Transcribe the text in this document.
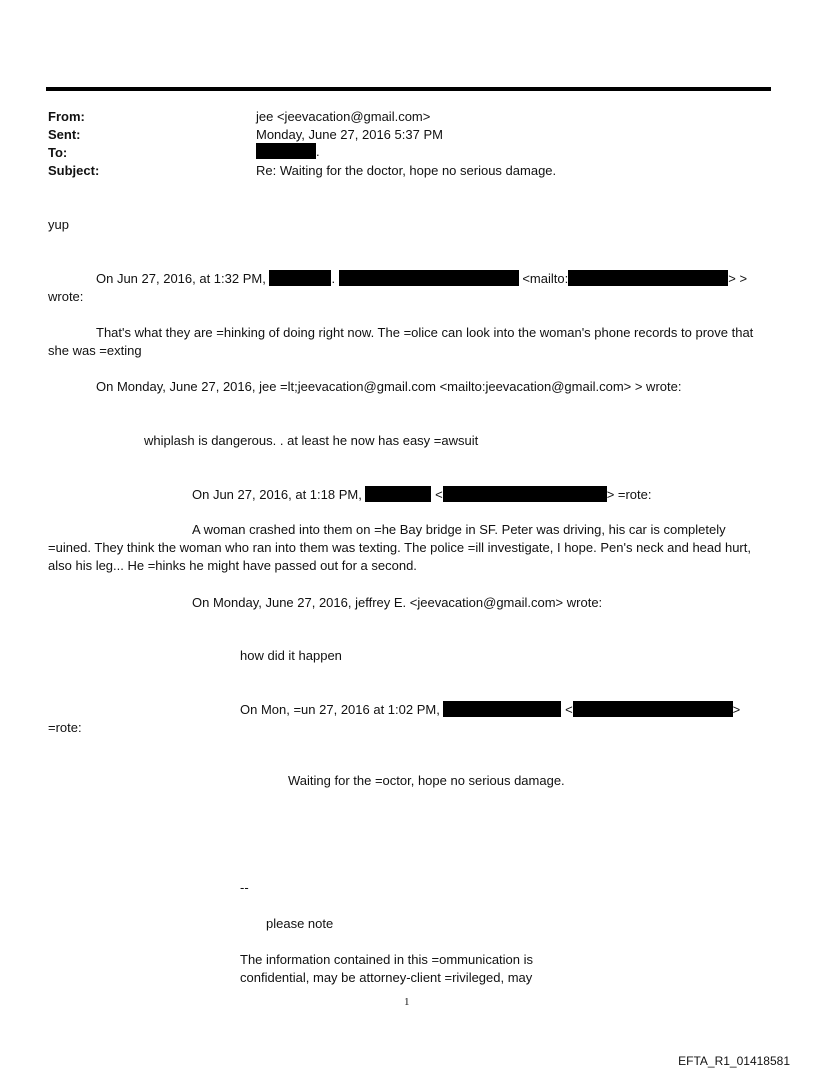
From:	jee <jeevacation@gmail.com>
Sent:	Monday, June 27, 2016 5:37 PM
To:	.
Subject:	Re: Waiting for the doctor, hope no serious damage.
yup
On Jun 27, 2016, at 1:32 PM,	.	<mailto:	> >
wrote:
That's what they are =hinking of doing right now. The =olice can look into the woman's phone records to prove that she was =exting
On Monday, June 27, 2016, jee =lt;jeevacation@gmail.com <mailto:jeevacation@gmail.com> > wrote:
whiplash is dangerous. . at least he now has easy =awsuit
On Jun 27, 2016, at 1:18 PM,	<	> =rote:
A woman crashed into them on =he Bay bridge in SF. Peter was driving, his car is completely
=uined. They think the woman who ran into them was texting. The police =ill investigate, I hope. Pen's neck and head hurt, also his leg... He =hinks he might have passed out for a second.
On Monday, June 27, 2016, jeffrey E. <jeevacation@gmail.com> wrote:
how did it happen
On Mon, =un 27, 2016 at 1:02 PM,	<	>
=rote:
Waiting for the =octor, hope no serious damage.
--
please note
The information contained in this =ommunication is
confidential, may be attorney-client =rivileged, may
1
EFTA_R1_01418581
